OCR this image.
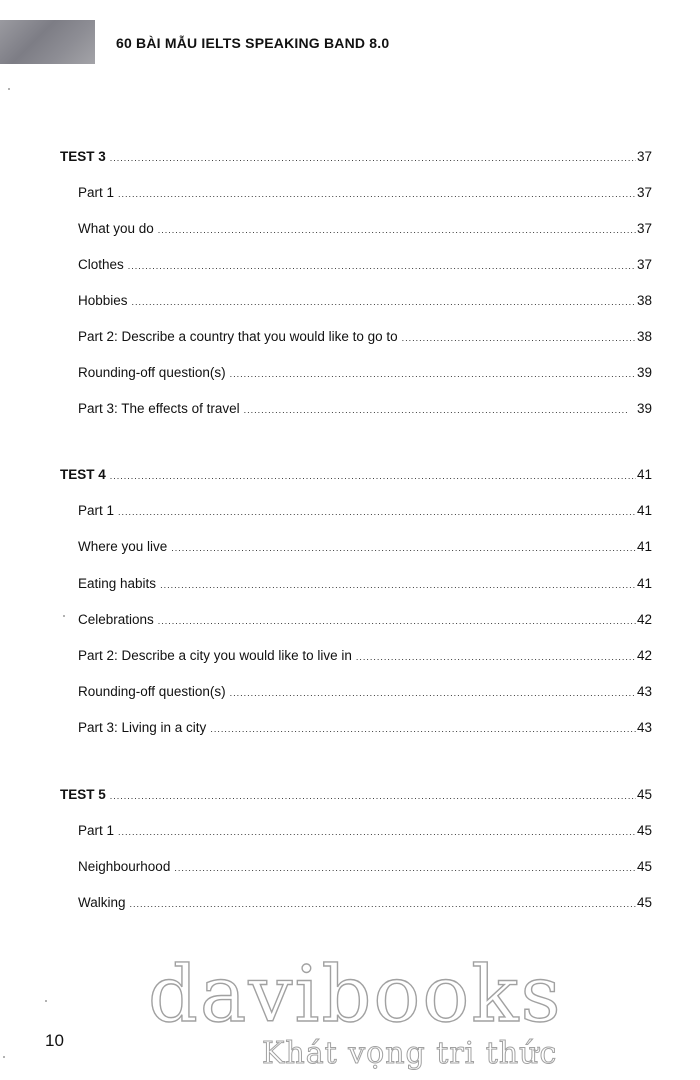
60 BÀI MẪU IELTS SPEAKING BAND 8.0
TEST 3 .....	37
Part 1 .....	37
What you do .....	37
Clothes .....	37
Hobbies .....	38
Part 2: Describe a country that you would like to go to .....	38
Rounding-off question(s) .....	39
Part 3: The effects of travel .....	39
TEST 4 .....	41
Part 1 .....	41
Where you live .....	41
Eating habits .....	41
Celebrations .....	42
Part 2: Describe a city you would like to live in .....	42
Rounding-off question(s) .....	43
Part 3: Living in a city .....	43
TEST 5 .....	45
Part 1 .....	45
Neighbourhood .....	45
Walking .....	45
davibooks
Khát vọng tri thức
10
